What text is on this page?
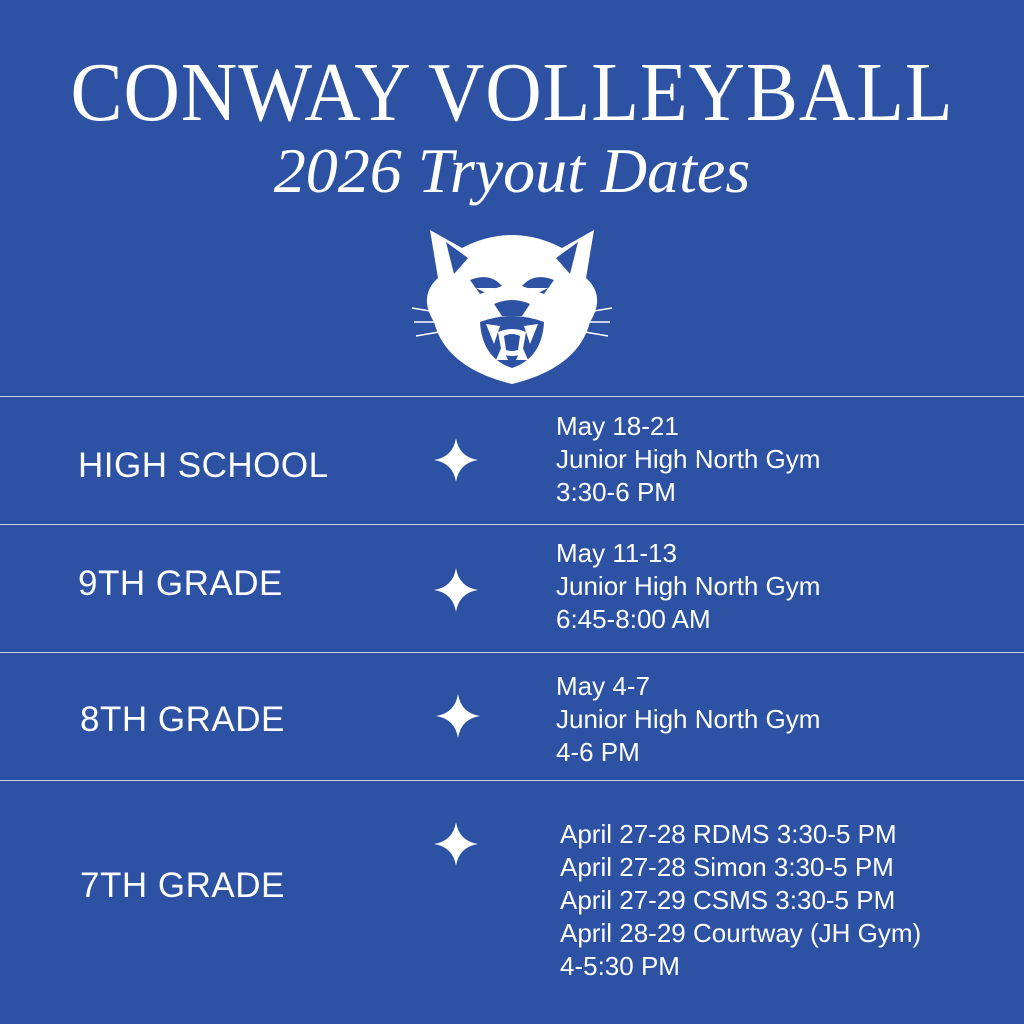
CONWAY VOLLEYBALL
2026 Tryout Dates
HIGH SCHOOL
May 18-21
Junior High North Gym
3:30-6 PM
9TH GRADE
May 11-13
Junior High North Gym
6:45-8:00 AM
8TH GRADE
May 4-7
Junior High North Gym
4-6 PM
7TH GRADE
April 27-28 RDMS 3:30-5 PM
April 27-28 Simon 3:30-5 PM
April 27-29 CSMS 3:30-5 PM
April 28-29 Courtway (JH Gym)
4-5:30 PM
